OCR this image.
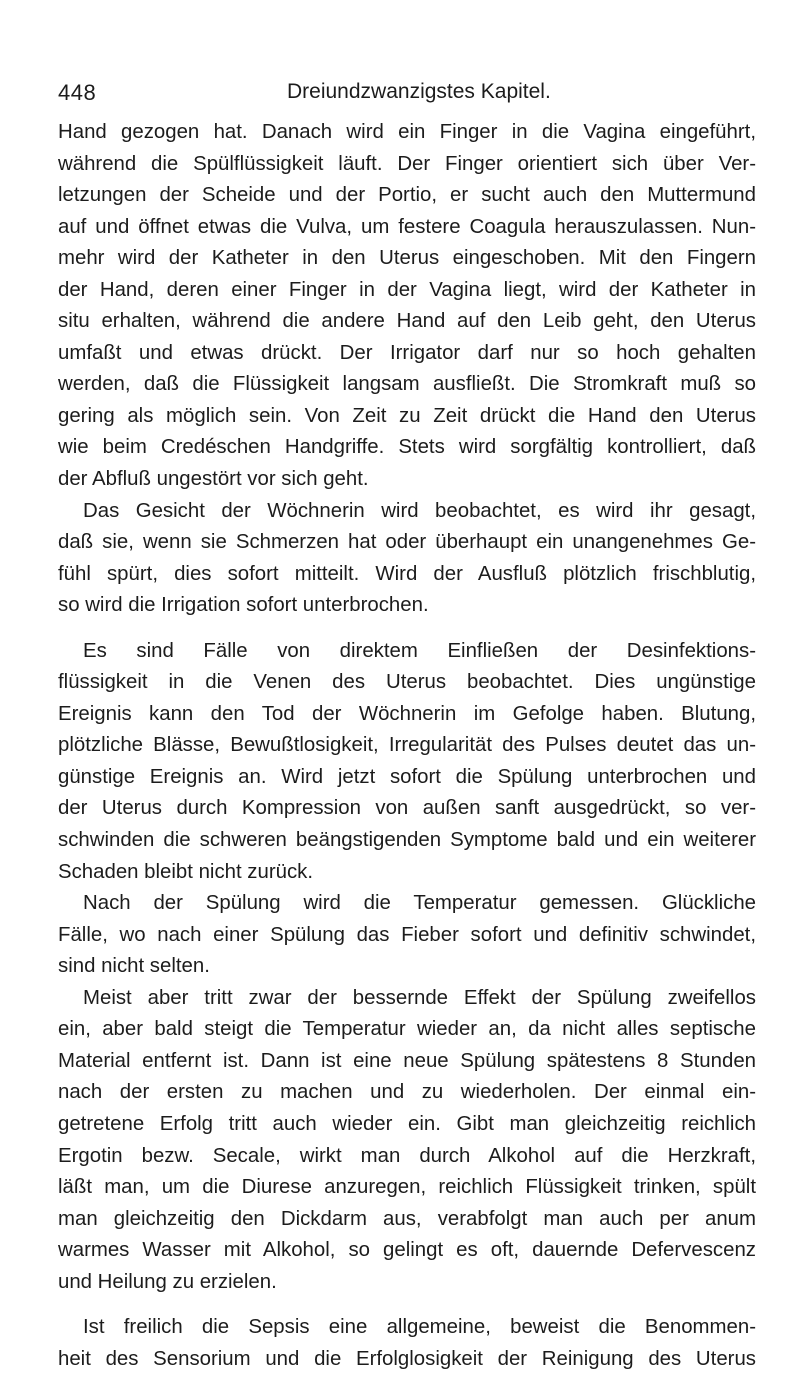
448	Dreiundzwanzigstes Kapitel.
Hand gezogen hat. Danach wird ein Finger in die Vagina eingeführt,
während die Spülflüssigkeit läuft. Der Finger orientiert sich über Ver-
letzungen der Scheide und der Portio, er sucht auch den Muttermund
auf und öffnet etwas die Vulva, um festere Coagula herauszulassen. Nun-
mehr wird der Katheter in den Uterus eingeschoben. Mit den Fingern
der Hand, deren einer Finger in der Vagina liegt, wird der Katheter in
situ erhalten, während die andere Hand auf den Leib geht, den Uterus
umfaßt und etwas drückt. Der Irrigator darf nur so hoch gehalten
werden, daß die Flüssigkeit langsam ausfließt. Die Stromkraft muß so
gering als möglich sein. Von Zeit zu Zeit drückt die Hand den Uterus
wie beim Credéschen Handgriffe. Stets wird sorgfältig kontrolliert, daß
der Abfluß ungestört vor sich geht.
Das Gesicht der Wöchnerin wird beobachtet, es wird ihr gesagt,
daß sie, wenn sie Schmerzen hat oder überhaupt ein unangenehmes Ge-
fühl spürt, dies sofort mitteilt. Wird der Ausfluß plötzlich frischblutig,
so wird die Irrigation sofort unterbrochen.
Es sind Fälle von direktem Einfließen der Desinfektions-
flüssigkeit in die Venen des Uterus beobachtet. Dies ungünstige
Ereignis kann den Tod der Wöchnerin im Gefolge haben. Blutung,
plötzliche Blässe, Bewußtlosigkeit, Irregularität des Pulses deutet das un-
günstige Ereignis an. Wird jetzt sofort die Spülung unterbrochen und
der Uterus durch Kompression von außen sanft ausgedrückt, so ver-
schwinden die schweren beängstigenden Symptome bald und ein weiterer
Schaden bleibt nicht zurück.
Nach der Spülung wird die Temperatur gemessen. Glückliche
Fälle, wo nach einer Spülung das Fieber sofort und definitiv schwindet,
sind nicht selten.
Meist aber tritt zwar der bessernde Effekt der Spülung zweifellos
ein, aber bald steigt die Temperatur wieder an, da nicht alles septische
Material entfernt ist. Dann ist eine neue Spülung spätestens 8 Stunden
nach der ersten zu machen und zu wiederholen. Der einmal ein-
getretene Erfolg tritt auch wieder ein. Gibt man gleichzeitig reichlich
Ergotin bezw. Secale, wirkt man durch Alkohol auf die Herzkraft,
läßt man, um die Diurese anzuregen, reichlich Flüssigkeit trinken, spült
man gleichzeitig den Dickdarm aus, verabfolgt man auch per anum
warmes Wasser mit Alkohol, so gelingt es oft, dauernde Defervescenz
und Heilung zu erzielen.
Ist freilich die Sepsis eine allgemeine, beweist die Benommen-
heit des Sensorium und die Erfolglosigkeit der Reinigung des Uterus
